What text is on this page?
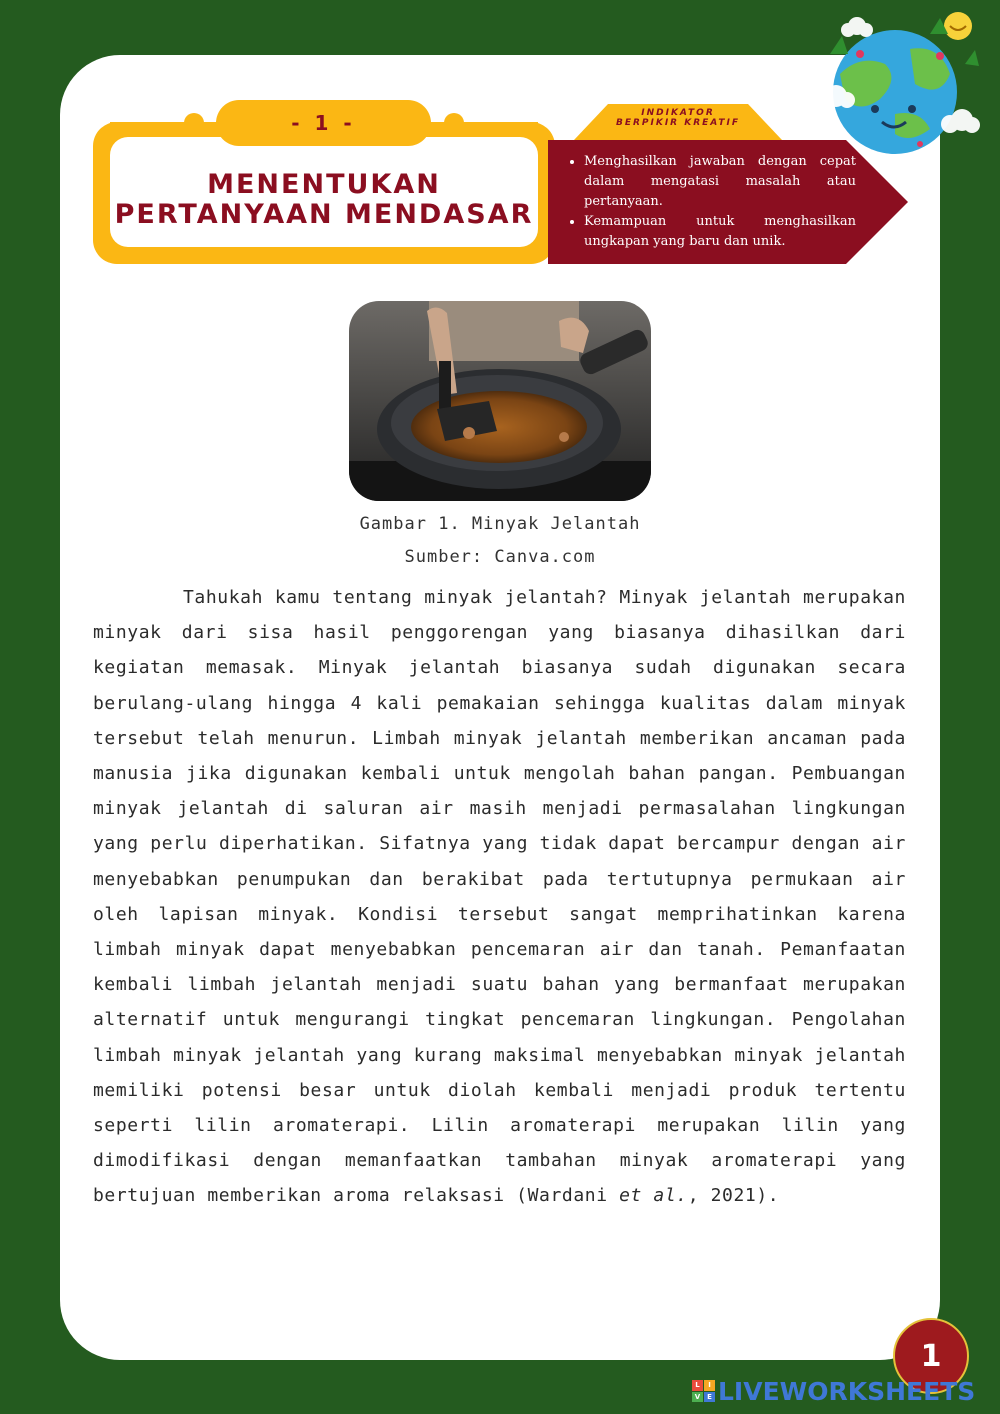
MENENTUKAN
PERTANYAAN MENDASAR
- 1 -	INDIKATOR
BERPIKIR KREATIF
• Menghasilkan jawaban dengan cepat dalam mengatasi masalah atau pertanyaan.
• Kemampuan untuk menghasilkan ungkapan yang baru dan unik.
Gambar 1. Minyak Jelantah
Sumber: Canva.com

Tahukah kamu tentang minyak jelantah? Minyak jelantah merupakan minyak dari sisa hasil penggorengan yang biasanya dihasilkan dari kegiatan memasak. Minyak jelantah biasanya sudah digunakan secara berulang-ulang hingga 4 kali pemakaian sehingga kualitas dalam minyak tersebut telah menurun. Limbah minyak jelantah memberikan ancaman pada manusia jika digunakan kembali untuk mengolah bahan pangan. Pembuangan minyak jelantah di saluran air masih menjadi permasalahan lingkungan yang perlu diperhatikan. Sifatnya yang tidak dapat bercampur dengan air menyebabkan penumpukan dan berakibat pada tertutupnya permukaan air oleh lapisan minyak. Kondisi tersebut sangat memprihatinkan karena limbah minyak dapat menyebabkan pencemaran air dan tanah. Pemanfaatan kembali limbah jelantah menjadi suatu bahan yang bermanfaat merupakan alternatif untuk mengurangi tingkat pencemaran lingkungan. Pengolahan limbah minyak jelantah yang kurang maksimal menyebabkan minyak jelantah memiliki potensi besar untuk diolah kembali menjadi produk tertentu seperti lilin aromaterapi. Lilin aromaterapi merupakan lilin yang dimodifikasi dengan memanfaatkan tambahan minyak aromaterapi yang bertujuan memberikan aroma relaksasi (Wardani et al., 2021).

1
L	I
V E LIVEWORKSHEETS
